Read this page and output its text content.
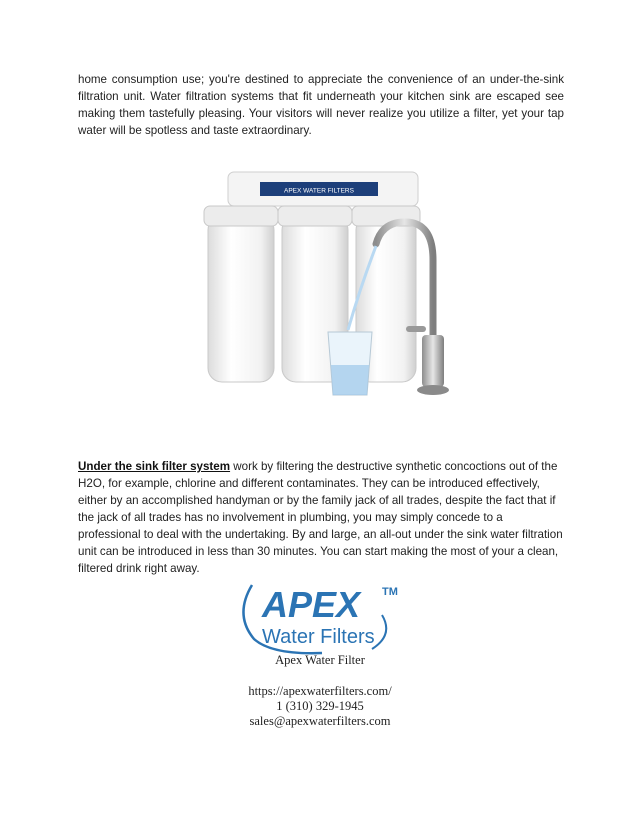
home consumption use; you're destined to appreciate the convenience of an under-the-sink filtration unit. Water filtration systems that fit underneath your kitchen sink are escaped see making them tastefully pleasing. Your visitors will never realize you utilize a filter, yet your tap water will be spotless and taste extraordinary.

APEX WATER FILTERS

Under the sink filter system work by filtering the destructive synthetic concoctions out of the H2O, for example, chlorine and different contaminates. They can be introduced effectively, either by an accomplished handyman or by the family jack of all trades, despite the fact that if the jack of all trades has no involvement in plumbing, you may simply concede to a professional to deal with the undertaking. By and large, an all-out under the sink water filtration unit can be introduced in less than 30 minutes. You can start making the most of your a clean, filtered drink right away.

APEX TM
Water Filters
Apex Water Filter
https://apexwaterfilters.com/
1 (310) 329-1945
sales@apexwaterfilters.com
